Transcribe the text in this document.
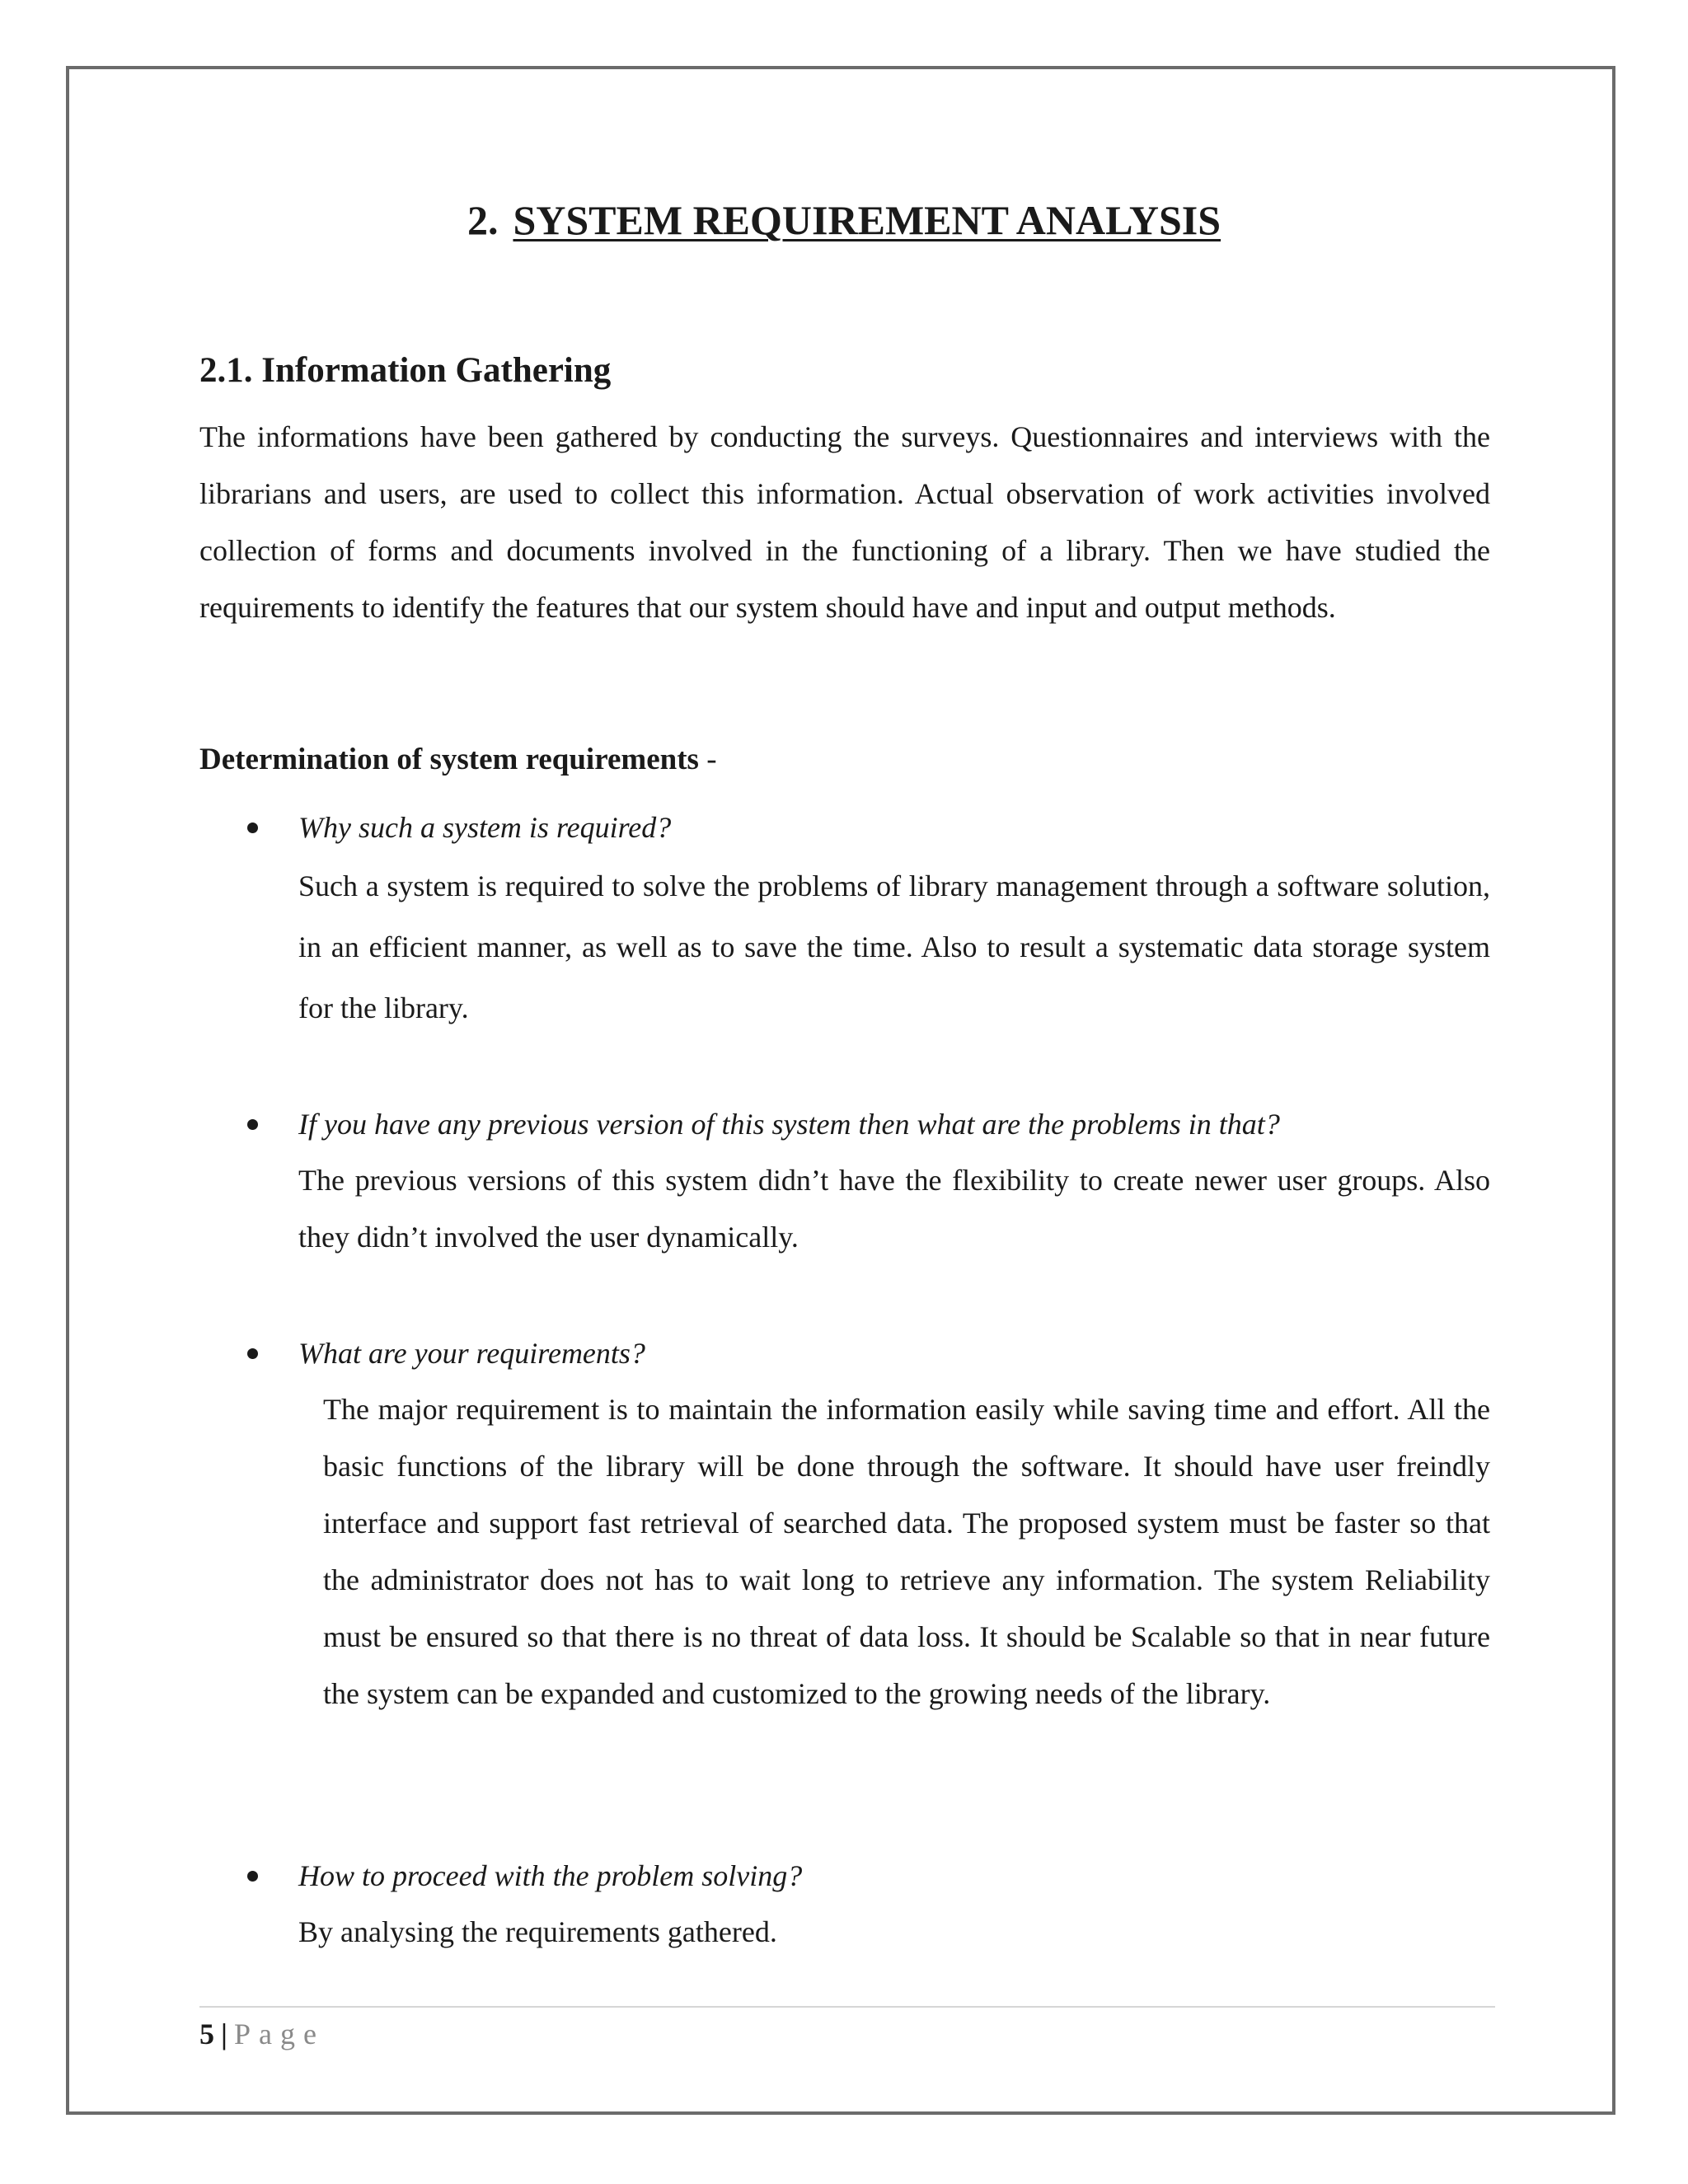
2. SYSTEM REQUIREMENT ANALYSIS
2.1. Information Gathering

The informations have been gathered by conducting the surveys. Questionnaires and interviews with the librarians and users, are used to collect this information. Actual observation of work activities involved collection of forms and documents involved in the functioning of a library. Then we have studied the requirements to identify the features that our system should have and input and output methods.

Determination of system requirements -

Why such a system is required?

Such a system is required to solve the problems of library management through a software solution, in an efficient manner, as well as to save the time. Also to result a systematic data storage system for the library.

If you have any previous version of this system then what are the problems in that?

The previous versions of this system didn’t have the flexibility to create newer user groups. Also they didn’t involved the user dynamically.

What are your requirements?

The major requirement is to maintain the information easily while saving time and effort. All the basic functions of the library will be done through the software. It should have user freindly interface and support fast retrieval of searched data. The proposed system must be faster so that the administrator does not has to wait long to retrieve any information. The system Reliability must be ensured so that there is no threat of data loss. It should be Scalable so that in near future the system can be expanded and customized to the growing needs of the library.

How to proceed with the problem solving?

By analysing the requirements gathered.

5 | Page
